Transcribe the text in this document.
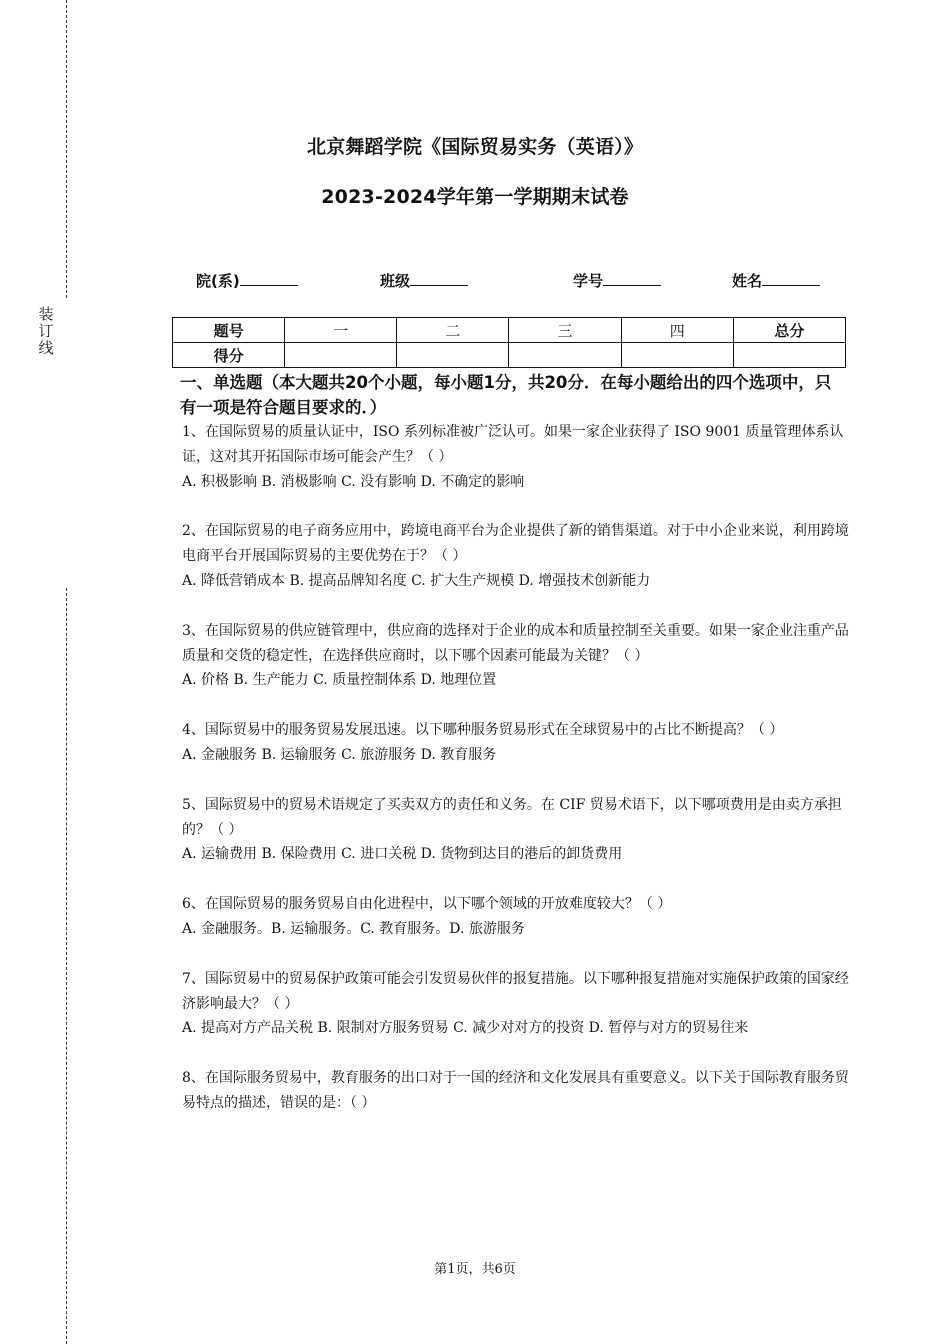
装
订
线
北京舞蹈学院《国际贸易实务（英语）》
2023-2024学年第一学期期末试卷
院(系)	班级	学号	姓名
题号	一	二	三	四	总分
得分					
一、单选题（本大题共20个小题，每小题1分，共20分．在每小题给出的四个选项中，只有一项是符合题目要求的．）

1、在国际贸易的质量认证中，ISO 系列标准被广泛认可。如果一家企业获得了 ISO 9001 质量管理体系认证，这对其开拓国际市场可能会产生？（ ）

A. 积极影响 B. 消极影响 C. 没有影响 D. 不确定的影响

2、在国际贸易的电子商务应用中，跨境电商平台为企业提供了新的销售渠道。对于中小企业来说，利用跨境电商平台开展国际贸易的主要优势在于？（ ）

A. 降低营销成本 B. 提高品牌知名度 C. 扩大生产规模 D. 增强技术创新能力

3、在国际贸易的供应链管理中，供应商的选择对于企业的成本和质量控制至关重要。如果一家企业注重产品质量和交货的稳定性，在选择供应商时，以下哪个因素可能最为关键？（ ）

A. 价格 B. 生产能力 C. 质量控制体系 D. 地理位置

4、国际贸易中的服务贸易发展迅速。以下哪种服务贸易形式在全球贸易中的占比不断提高？（ ）

A. 金融服务 B. 运输服务 C. 旅游服务 D. 教育服务

5、国际贸易中的贸易术语规定了买卖双方的责任和义务。在 CIF 贸易术语下，以下哪项费用是由卖方承担的？（ ）

A. 运输费用 B. 保险费用 C. 进口关税 D. 货物到达目的港后的卸货费用

6、在国际贸易的服务贸易自由化进程中，以下哪个领域的开放难度较大？（ ）

A. 金融服务。B. 运输服务。C. 教育服务。D. 旅游服务

7、国际贸易中的贸易保护政策可能会引发贸易伙伴的报复措施。以下哪种报复措施对实施保护政策的国家经济影响最大？（ ）

A. 提高对方产品关税 B. 限制对方服务贸易 C. 减少对对方的投资 D. 暂停与对方的贸易往来

8、在国际服务贸易中，教育服务的出口对于一国的经济和文化发展具有重要意义。以下关于国际教育服务贸易特点的描述，错误的是：（ ）

第1页，共6页
